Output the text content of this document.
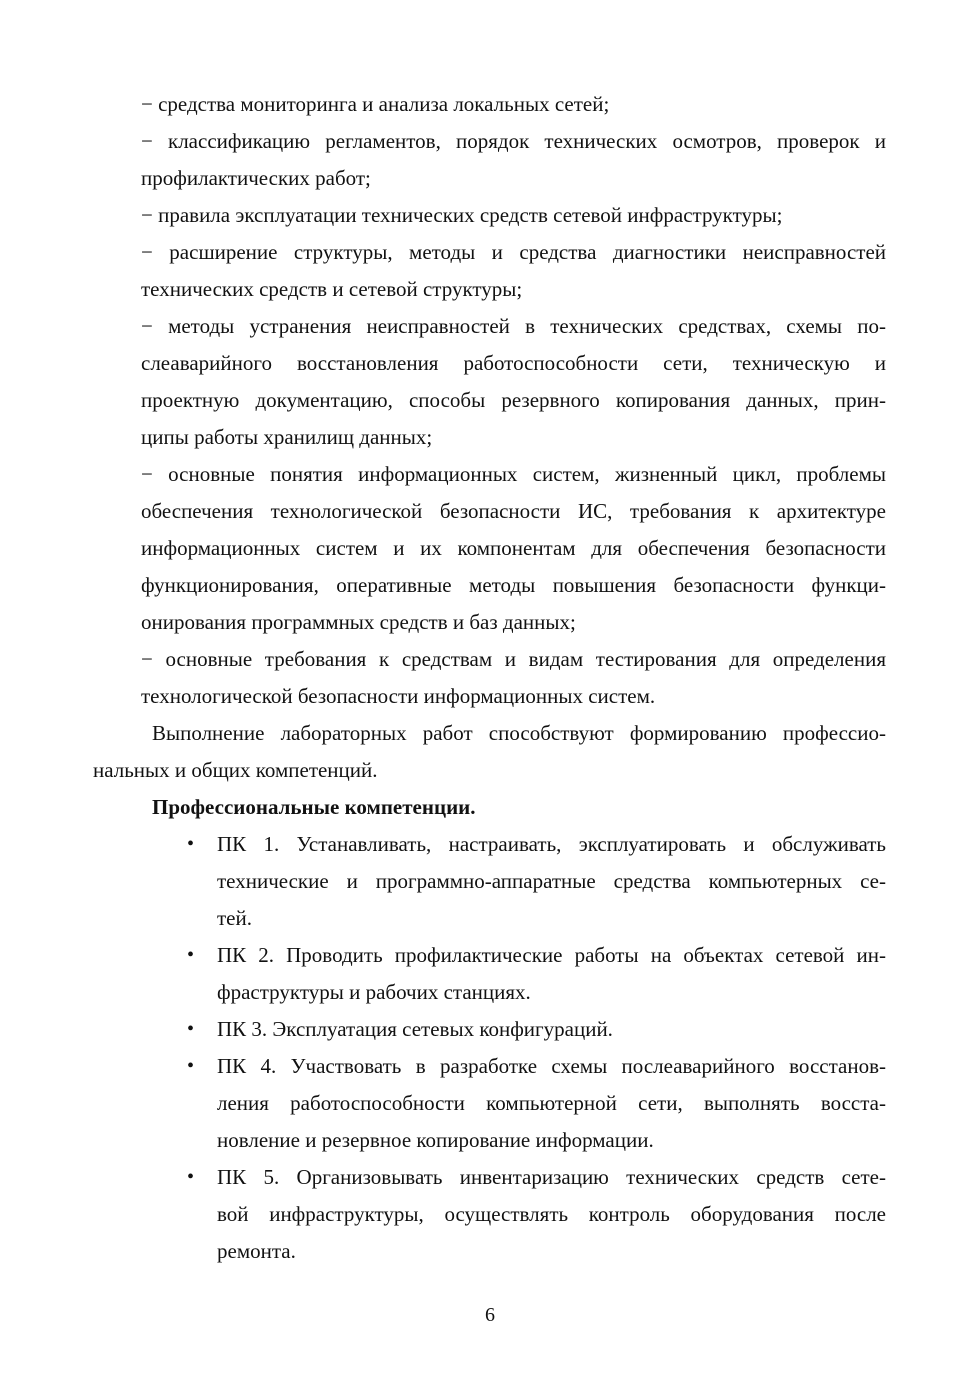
− средства мониторинга и анализа локальных сетей;
− классификацию регламентов, порядок технических осмотров, проверок и
профилактических работ;
− правила эксплуатации технических средств сетевой инфраструктуры;
− расширение структуры, методы и средства диагностики неисправностей
технических средств и сетевой структуры;
− методы устранения неисправностей в технических средствах, схемы по-
слеаварийного восстановления работоспособности сети, техническую и
проектную документацию, способы резервного копирования данных, прин-
ципы работы хранилищ данных;
− основные понятия информационных систем, жизненный цикл, проблемы
обеспечения технологической безопасности ИС, требования к архитектуре
информационных систем и их компонентам для обеспечения безопасности
функционирования, оперативные методы повышения безопасности функци-
онирования программных средств и баз данных;
− основные требования к средствам и видам тестирования для определения
технологической безопасности информационных систем.
Выполнение лабораторных работ способствуют формированию профессио-
нальных и общих компетенций.
Профессиональные компетенции.
• ПК 1. Устанавливать, настраивать, эксплуатировать и обслуживать
технические и программно-аппаратные средства компьютерных се-
тей.
• ПК 2. Проводить профилактические работы на объектах сетевой ин-
фраструктуры и рабочих станциях.
• ПК 3. Эксплуатация сетевых конфигураций.
• ПК 4. Участвовать в разработке схемы послеаварийного восстанов-
ления работоспособности компьютерной сети, выполнять восста-
новление и резервное копирование информации.
• ПК 5. Организовывать инвентаризацию технических средств сете-
вой инфраструктуры, осуществлять контроль оборудования после
ремонта.
6
